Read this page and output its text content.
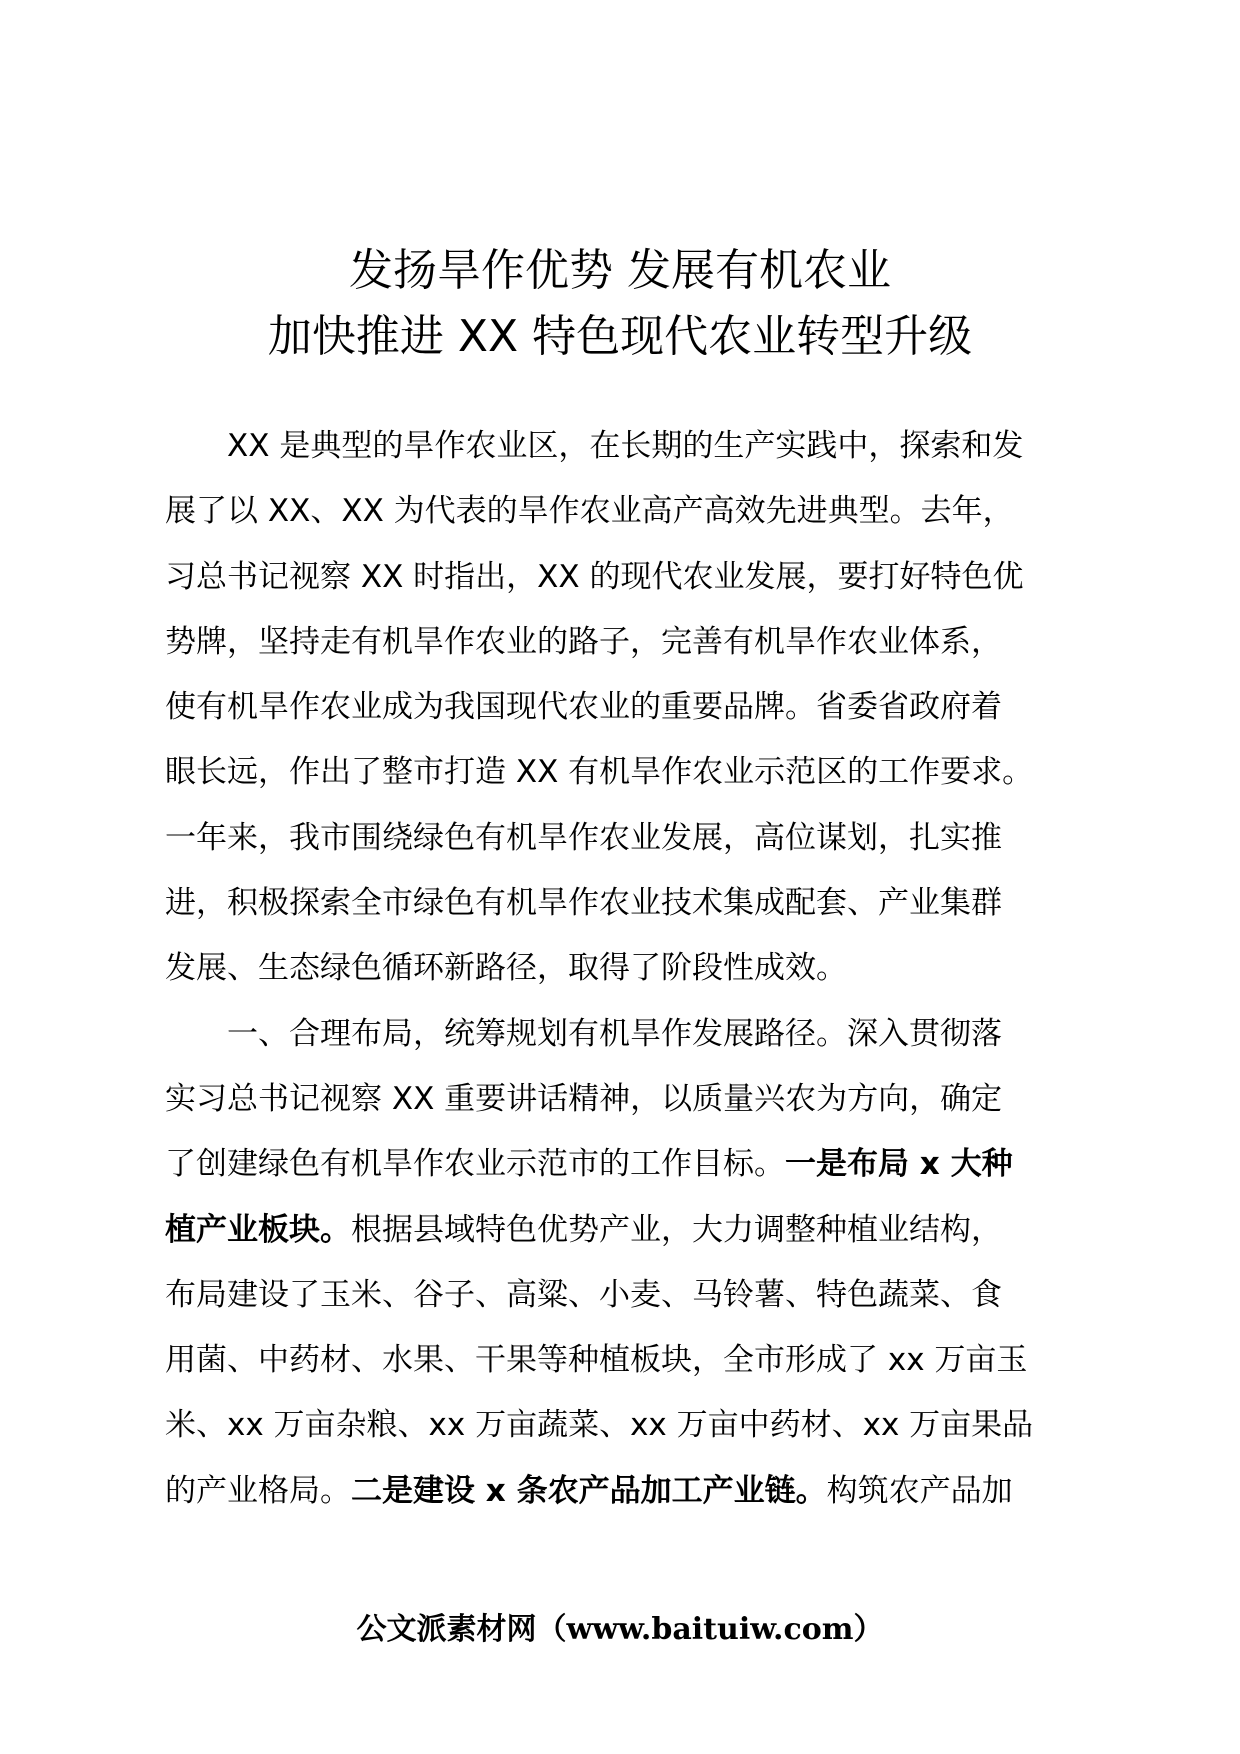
发扬旱作优势 发展有机农业
加快推进 XX 特色现代农业转型升级
XX 是典型的旱作农业区，在长期的生产实践中，探索和发
展了以 XX、XX 为代表的旱作农业高产高效先进典型。去年，
习总书记视察 XX 时指出，XX 的现代农业发展，要打好特色优
势牌，坚持走有机旱作农业的路子，完善有机旱作农业体系，
使有机旱作农业成为我国现代农业的重要品牌。省委省政府着
眼长远，作出了整市打造 XX 有机旱作农业示范区的工作要求。
一年来，我市围绕绿色有机旱作农业发展，高位谋划，扎实推
进，积极探索全市绿色有机旱作农业技术集成配套、产业集群
发展、生态绿色循环新路径，取得了阶段性成效。
一、合理布局，统筹规划有机旱作发展路径。深入贯彻落
实习总书记视察 XX 重要讲话精神，以质量兴农为方向，确定
了创建绿色有机旱作农业示范市的工作目标。一是布局 x 大种
植产业板块。根据县域特色优势产业，大力调整种植业结构，
布局建设了玉米、谷子、高粱、小麦、马铃薯、特色蔬菜、食
用菌、中药材、水果、干果等种植板块，全市形成了 xx 万亩玉
米、xx 万亩杂粮、xx 万亩蔬菜、xx 万亩中药材、xx 万亩果品
的产业格局。二是建设 x 条农产品加工产业链。构筑农产品加
公文派素材网（www.baituiw.com）
